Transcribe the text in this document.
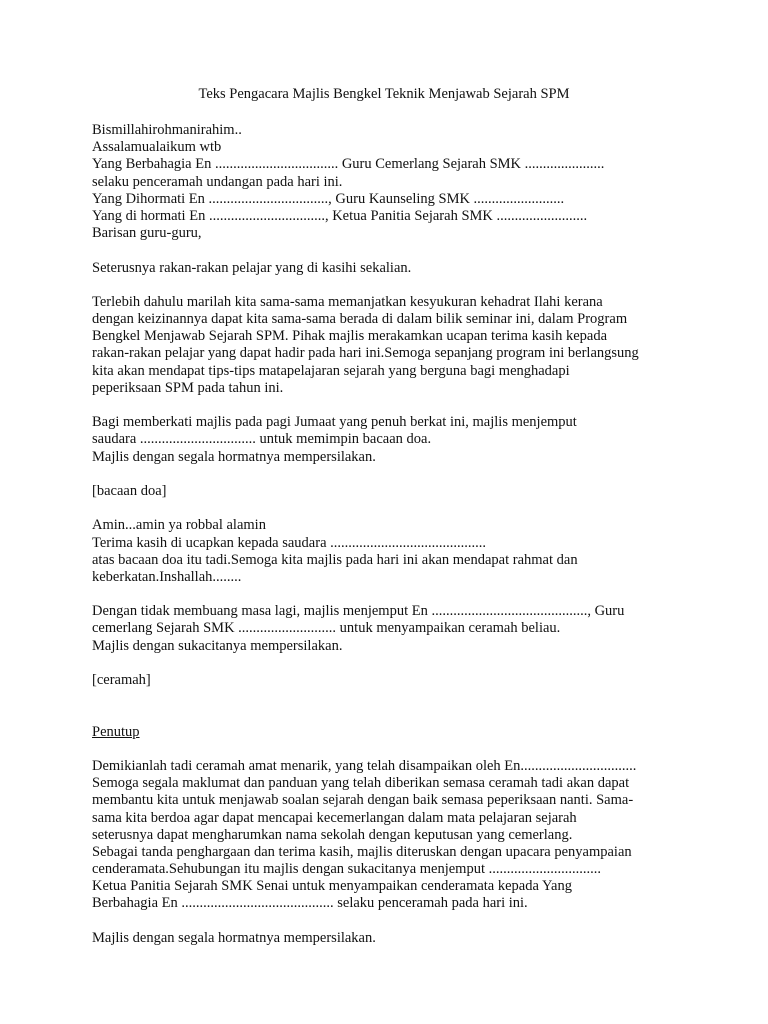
Teks Pengacara Majlis Bengkel Teknik Menjawab Sejarah SPM
Bismillahirohmanirahim..
Assalamualaikum wtb
Yang Berbahagia En .................................. Guru Cemerlang Sejarah SMK ......................
selaku penceramah undangan pada hari ini.
Yang Dihormati En ................................., Guru Kaunseling SMK .........................
Yang di hormati En ................................, Ketua Panitia Sejarah SMK .........................
Barisan guru-guru,
Seterusnya rakan-rakan pelajar yang di kasihi sekalian.
Terlebih dahulu marilah kita sama-sama memanjatkan kesyukuran kehadrat Ilahi kerana
dengan keizinannya dapat kita sama-sama berada di dalam bilik seminar ini, dalam Program
Bengkel Menjawab Sejarah SPM. Pihak majlis merakamkan ucapan terima kasih kepada
rakan-rakan pelajar yang dapat hadir pada hari ini.Semoga sepanjang program ini berlangsung
kita akan mendapat tips-tips matapelajaran sejarah yang berguna bagi menghadapi
peperiksaan SPM pada tahun ini.
Bagi memberkati majlis pada pagi Jumaat yang penuh berkat ini, majlis menjemput
saudara ................................ untuk memimpin bacaan doa.
Majlis dengan segala hormatnya mempersilakan.
[bacaan doa]
Amin...amin ya robbal alamin
Terima kasih di ucapkan kepada saudara ...........................................
atas bacaan doa itu tadi.Semoga kita majlis pada hari ini akan mendapat rahmat dan
keberkatan.Inshallah........
Dengan tidak membuang masa lagi, majlis menjemput En ..........................................., Guru
cemerlang Sejarah SMK ........................... untuk menyampaikan ceramah beliau.
Majlis dengan sukacitanya mempersilakan.
[ceramah]
Penutup
Demikianlah tadi ceramah amat menarik, yang telah disampaikan oleh En................................
Semoga segala maklumat dan panduan yang telah diberikan semasa ceramah tadi akan dapat
membantu kita untuk menjawab soalan sejarah dengan baik semasa peperiksaan nanti. Sama-
sama kita berdoa agar dapat mencapai kecemerlangan dalam mata pelajaran sejarah
seterusnya dapat mengharumkan nama sekolah dengan keputusan yang cemerlang.
Sebagai tanda penghargaan dan terima kasih, majlis diteruskan dengan upacara penyampaian
cenderamata.Sehubungan itu majlis dengan sukacitanya menjemput ...............................
Ketua Panitia Sejarah SMK Senai untuk menyampaikan cenderamata kepada Yang
Berbahagia En .......................................... selaku penceramah pada hari ini.
Majlis dengan segala hormatnya mempersilakan.
